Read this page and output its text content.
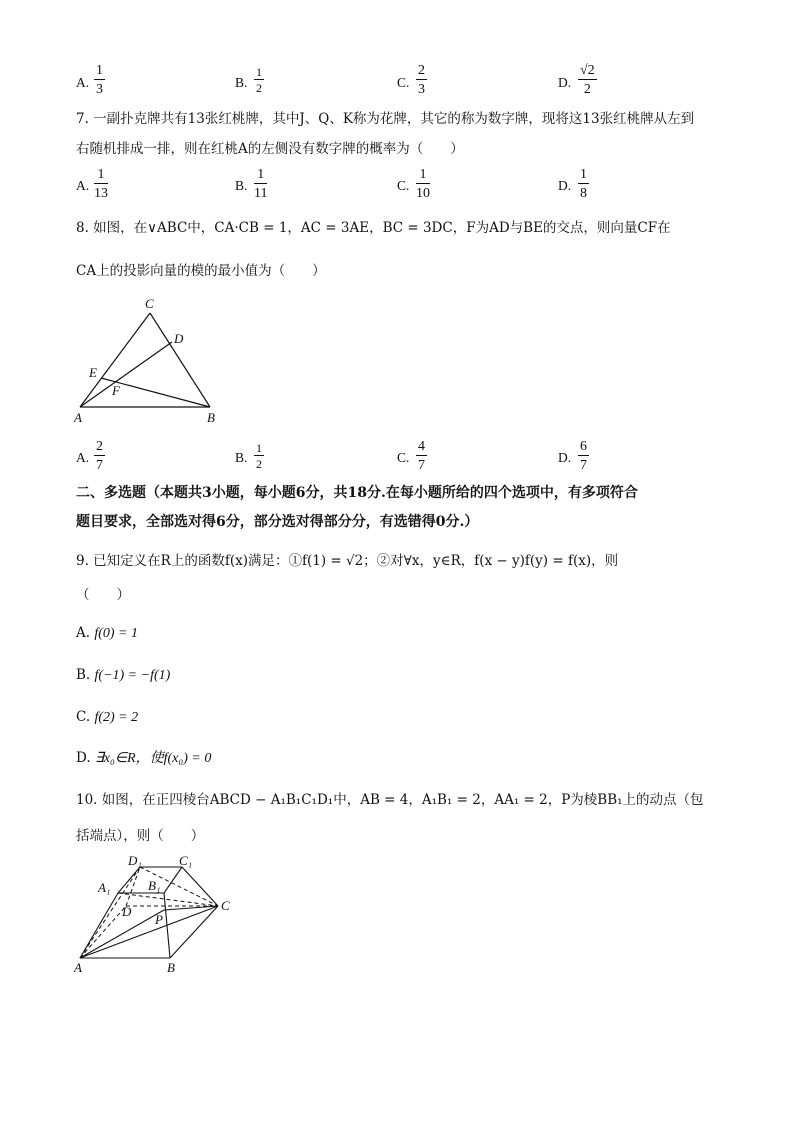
A.
1
3	B.
1
2	C.
2
3	D.
√2
2
7. 一副扑克牌共有13张红桃牌，其中J、Q、K称为花牌，其它的称为数字牌，现将这13张红桃牌从左到
右随机排成一排，则在红桃A的左侧没有数字牌的概率为（　　）
A.
1
13
B.
1
11
C.
1
10
D.
1
8
8. 如图，在∨ABC中，CA·CB = 1，AC = 3AE，BC = 3DC，F为AD与BE的交点，则向量CF在
CA上的投影向量的模的最小值为（　　）
C
D
E
F
A	B
A.
2
7
B.
1
2	C.
4
7
D.
6
7
二、多选题（本题共3小题，每小题6分，共18分.在每小题所给的四个选项中，有多项符合
题目要求，全部选对得6分，部分选对得部分分，有选错得0分.）
9. 已知定义在R上的函数f(x)满足：①f(1) = √2；②对∀x，y∈R，f(x − y)f(y) = f(x)，则
（　　）
A. f(0) = 1
B. f(−1) = −f(1)
C. f(2) = 2
D. ∃x₀∈R，使f(x₀) = 0
10. 如图，在正四棱台ABCD − A₁B₁C₁D₁中，AB = 4，A₁B₁ = 2，AA₁ = 2，P为棱BB₁上的动点（包
括端点），则（　　）
D₁	C₁
A₁	B₁
D
P
C
A	B
